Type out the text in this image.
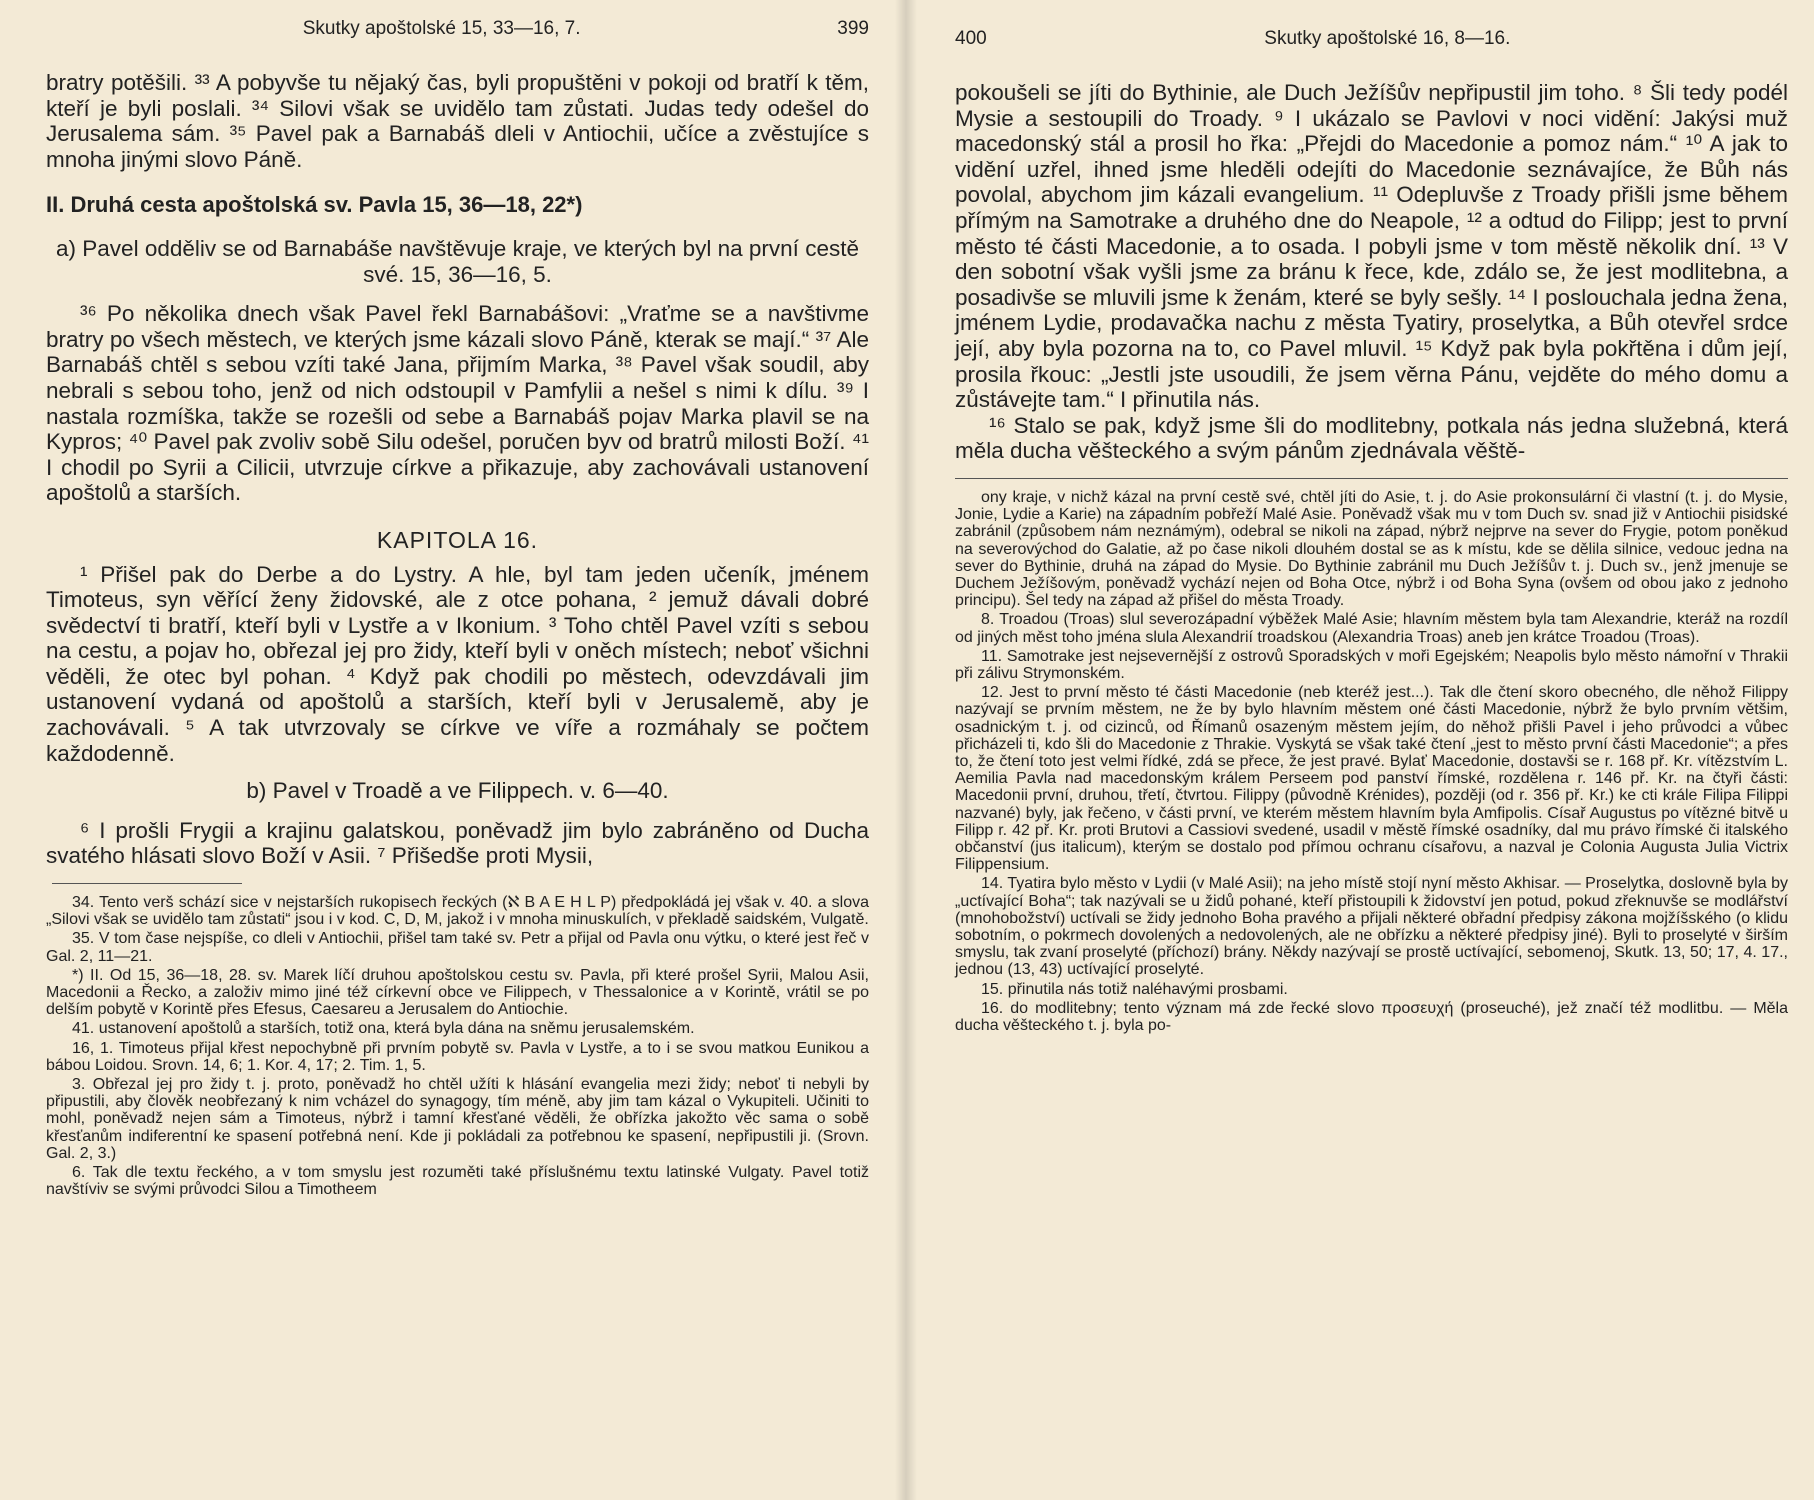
Skutky apoštolské 15, 33—16, 7.	399

bratry potěšili. ³³ A pobyvše tu nějaký čas, byli propuštěni v pokoji od bratří k těm, kteří je byli poslali. ³⁴ Silovi však se uvidělo tam zůstati. Judas tedy odešel do Jerusalema sám. ³⁵ Pavel pak a Barnabáš dleli v Antiochii, učíce a zvěstujíce s mnoha jinými slovo Páně.

II. Druhá cesta apoštolská sv. Pavla 15, 36—18, 22*)
a) Pavel odděliv se od Barnabáše navštěvuje kraje, ve kterých byl na první cestě své. 15, 36—16, 5.

³⁶ Po několika dnech však Pavel řekl Barnabášovi: „Vraťme se a navštivme bratry po všech městech, ve kterých jsme kázali slovo Páně, kterak se mají.“ ³⁷ Ale Barnabáš chtěl s sebou vzíti také Jana, přijmím Marka, ³⁸ Pavel však soudil, aby nebrali s sebou toho, jenž od nich odstoupil v Pamfylii a nešel s nimi k dílu. ³⁹ I nastala rozmíška, takže se rozešli od sebe a Barnabáš pojav Marka plavil se na Kypros; ⁴⁰ Pavel pak zvoliv sobě Silu odešel, poručen byv od bratrů milosti Boží. ⁴¹ I chodil po Syrii a Cilicii, utvrzuje církve a přikazuje, aby zachovávali ustanovení apoštolů a starších.

KAPITOLA 16.

¹ Přišel pak do Derbe a do Lystry. A hle, byl tam jeden učeník, jménem Timoteus, syn věřící ženy židovské, ale z otce pohana, ² jemuž dávali dobré svědectví ti bratří, kteří byli v Lystře a v Ikonium. ³ Toho chtěl Pavel vzíti s sebou na cestu, a pojav ho, obřezal jej pro židy, kteří byli v oněch místech; neboť všichni věděli, že otec byl pohan. ⁴ Když pak chodili po městech, odevzdávali jim ustanovení vydaná od apoštolů a starších, kteří byli v Jerusalemě, aby je zachovávali. ⁵ A tak utvrzovaly se církve ve víře a rozmáhaly se počtem každodenně.

b) Pavel v Troadě a ve Filippech. v. 6—40.

⁶ I prošli Frygii a krajinu galatskou, poněvadž jim bylo zabráněno od Ducha svatého hlásati slovo Boží v Asii. ⁷ Přišedše proti Mysii,

34. Tento verš schází sice v nejstarších rukopisech řeckých (ℵ B A E H L P) předpokládá jej však v. 40. a slova „Silovi však se uvidělo tam zůstati“ jsou i v kod. C, D, M, jakož i v mnoha minuskulích, v překladě saidském, Vulgatě.

35. V tom čase nejspíše, co dleli v Antiochii, přišel tam také sv. Petr a přijal od Pavla onu výtku, o které jest řeč v Gal. 2, 11—21.

*) II. Od 15, 36—18, 28. sv. Marek líčí druhou apoštolskou cestu sv. Pavla, při které prošel Syrii, Malou Asii, Macedonii a Řecko, a založiv mimo jiné též církevní obce ve Filippech, v Thessalonice a v Korintě, vrátil se po delším pobytě v Korintě přes Efesus, Caesareu a Jerusalem do Antiochie.

41. ustanovení apoštolů a starších, totiž ona, která byla dána na sněmu jerusalemském.

16, 1. Timoteus přijal křest nepochybně při prvním pobytě sv. Pavla v Lystře, a to i se svou matkou Eunikou a bábou Loidou. Srovn. 14, 6; 1. Kor. 4, 17; 2. Tim. 1, 5.

3. Obřezal jej pro židy t. j. proto, poněvadž ho chtěl užíti k hlásání evangelia mezi židy; neboť ti nebyli by připustili, aby člověk neobřezaný k nim vcházel do synagogy, tím méně, aby jim tam kázal o Vykupiteli. Učiniti to mohl, poněvadž nejen sám a Timoteus, nýbrž i tamní křesťané věděli, že obřízka jakožto věc sama o sobě křesťanům indiferentní ke spasení potřebná není. Kde ji pokládali za potřebnou ke spasení, nepřipustili ji. (Srovn. Gal. 2, 3.)

6. Tak dle textu řeckého, a v tom smyslu jest rozuměti také příslušnému textu latinské Vulgaty. Pavel totiž navštíviv se svými průvodci Silou a Timotheem

400	Skutky apoštolské 16, 8—16.

pokoušeli se jíti do Bythinie, ale Duch Ježíšův nepřipustil jim toho. ⁸ Šli tedy podél Mysie a sestoupili do Troady. ⁹ I ukázalo se Pavlovi v noci vidění: Jakýsi muž macedonský stál a prosil ho řka: „Přejdi do Macedonie a pomoz nám.“ ¹⁰ A jak to vidění uzřel, ihned jsme hleděli odejíti do Macedonie seznávajíce, že Bůh nás povolal, abychom jim kázali evangelium. ¹¹ Odepluvše z Troady přišli jsme během přímým na Samotrake a druhého dne do Neapole, ¹² a odtud do Filipp; jest to první město té části Macedonie, a to osada. I pobyli jsme v tom městě několik dní. ¹³ V den sobotní však vyšli jsme za bránu k řece, kde, zdálo se, že jest modlitebna, a posadivše se mluvili jsme k ženám, které se byly sešly. ¹⁴ I poslouchala jedna žena, jménem Lydie, prodavačka nachu z města Tyatiry, proselytka, a Bůh otevřel srdce její, aby byla pozorna na to, co Pavel mluvil. ¹⁵ Když pak byla pokřtěna i dům její, prosila řkouc: „Jestli jste usoudili, že jsem věrna Pánu, vejděte do mého domu a zůstávejte tam.“ I přinutila nás.

¹⁶ Stalo se pak, když jsme šli do modlitebny, potkala nás jedna služebná, která měla ducha věšteckého a svým pánům zjednávala věště-

ony kraje, v nichž kázal na první cestě své, chtěl jíti do Asie, t. j. do Asie prokonsulární či vlastní (t. j. do Mysie, Jonie, Lydie a Karie) na západním pobřeží Malé Asie. Poněvadž však mu v tom Duch sv. snad již v Antiochii pisidské zabránil (způsobem nám neznámým), odebral se nikoli na západ, nýbrž nejprve na sever do Frygie, potom poněkud na severovýchod do Galatie, až po čase nikoli dlouhém dostal se as k místu, kde se dělila silnice, vedouc jedna na sever do Bythinie, druhá na západ do Mysie. Do Bythinie zabránil mu Duch Ježíšův t. j. Duch sv., jenž jmenuje se Duchem Ježíšovým, poněvadž vychází nejen od Boha Otce, nýbrž i od Boha Syna (ovšem od obou jako z jednoho principu). Šel tedy na západ až přišel do města Troady.

8. Troadou (Troas) slul severozápadní výběžek Malé Asie; hlavním městem byla tam Alexandrie, kteráž na rozdíl od jiných měst toho jména slula Alexandrií troadskou (Alexandria Troas) aneb jen krátce Troadou (Troas).

11. Samotrake jest nejsevernější z ostrovů Sporadských v moři Egejském; Neapolis bylo město námořní v Thrakii při zálivu Strymonském.

12. Jest to první město té části Macedonie (neb kteréž jest...). Tak dle čtení skoro obecného, dle něhož Filippy nazývají se prvním městem, ne že by bylo hlavním městem oné části Macedonie, nýbrž že bylo prvním většim, osadnickým t. j. od cizinců, od Římanů osazeným městem jejím, do něhož přišli Pavel i jeho průvodci a vůbec přicházeli ti, kdo šli do Macedonie z Thrakie. Vyskytá se však také čtení „jest to město první části Macedonie“; a přes to, že čtení toto jest velmi řídké, zdá se přece, že jest pravé. Bylať Macedonie, dostavši se r. 168 př. Kr. vítězstvím L. Aemilia Pavla nad macedonským králem Perseem pod panství římské, rozdělena r. 146 př. Kr. na čtyři části: Macedonii první, druhou, třetí, čtvrtou. Filippy (původně Krénides), později (od r. 356 př. Kr.) ke cti krále Filipa Filippi nazvané) byly, jak řečeno, v části první, ve kterém městem hlavním byla Amfipolis. Císař Augustus po vítězné bitvě u Filipp r. 42 př. Kr. proti Brutovi a Cassiovi svedené, usadil v městě římské osadníky, dal mu právo římské či italského občanství (jus italicum), kterým se dostalo pod přímou ochranu císařovu, a nazval je Colonia Augusta Julia Victrix Filippensium.

14. Tyatira bylo město v Lydii (v Malé Asii); na jeho místě stojí nyní město Akhisar. — Proselytka, doslovně byla by „uctívající Boha“; tak nazývali se u židů pohané, kteří přistoupili k židovství jen potud, pokud zřeknuvše se modlářství (mnohobožství) uctívali se židy jednoho Boha pravého a přijali některé obřadní předpisy zákona mojžíšského (o klidu sobotním, o pokrmech dovolených a nedovolených, ale ne obřízku a některé předpisy jiné). Byli to proselyté v širším smyslu, tak zvaní proselyté (příchozí) brány. Někdy nazývají se prostě uctívající, sebomenoj, Skutk. 13, 50; 17, 4. 17., jednou (13, 43) uctívající proselyté.

15. přinutila nás totiž naléhavými prosbami.

16. do modlitebny; tento význam má zde řecké slovo προσευχή (proseuché), jež značí též modlitbu. — Měla ducha věšteckého t. j. byla po-
